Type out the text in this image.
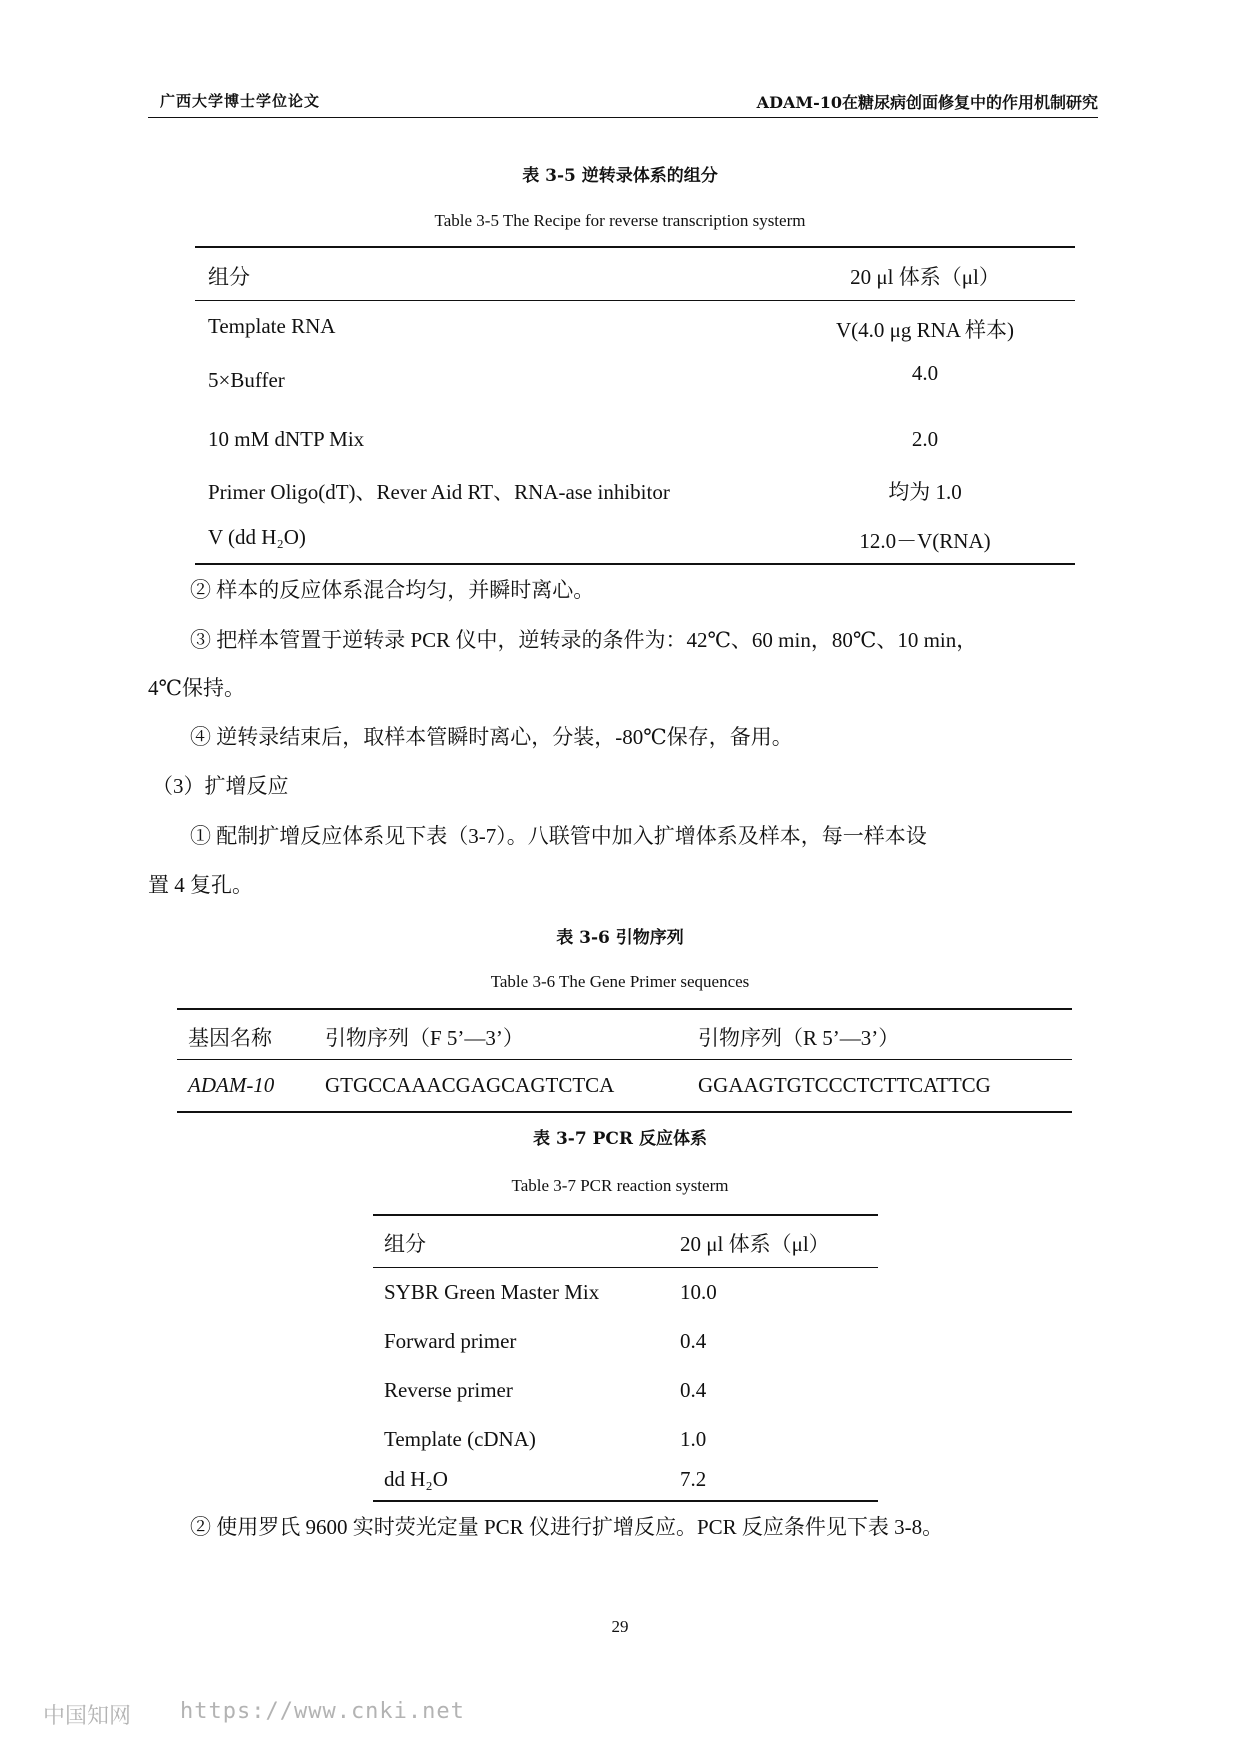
广西大学博士学位论文	ADAM-10在糖尿病创面修复中的作用机制研究
表 3-5 逆转录体系的组分
Table 3-5 The Recipe for reverse transcription systerm
组分	20 μl 体系（μl）
Template RNA	V(4.0 μg RNA 样本)
5×Buffer	4.0
10 mM dNTP Mix	2.0
Primer Oligo(dT)、Rever Aid RT、RNA-ase inhibitor	均为 1.0
V (dd H₂O)	12.0－V(RNA)
② 样本的反应体系混合均匀，并瞬时离心。
③ 把样本管置于逆转录 PCR 仪中，逆转录的条件为：42℃、60 min，80℃、10 min，
4℃保持。
④ 逆转录结束后，取样本管瞬时离心，分装，-80℃保存，备用。
（3）扩增反应
① 配制扩增反应体系见下表（3-7）。八联管中加入扩增体系及样本，每一样本设
置 4 复孔。
表 3-6 引物序列
Table 3-6 The Gene Primer sequences
基因名称	引物序列（F 5’—3’）	引物序列（R 5’—3’）
ADAM-10 GTGCCAAACGAGCAGTCTCA	GGAAGTGTCCCTCTTCATTCG
表 3-7 PCR 反应体系
Table 3-7 PCR reaction systerm
组分	20 μl 体系（μl）
SYBR Green Master Mix	10.0
Forward primer	0.4
Reverse primer	0.4
Template (cDNA)	1.0
dd H₂O	7.2
② 使用罗氏 9600 实时荧光定量 PCR 仪进行扩增反应。PCR 反应条件见下表 3-8。
29
中国知网 https://www.cnki.net
